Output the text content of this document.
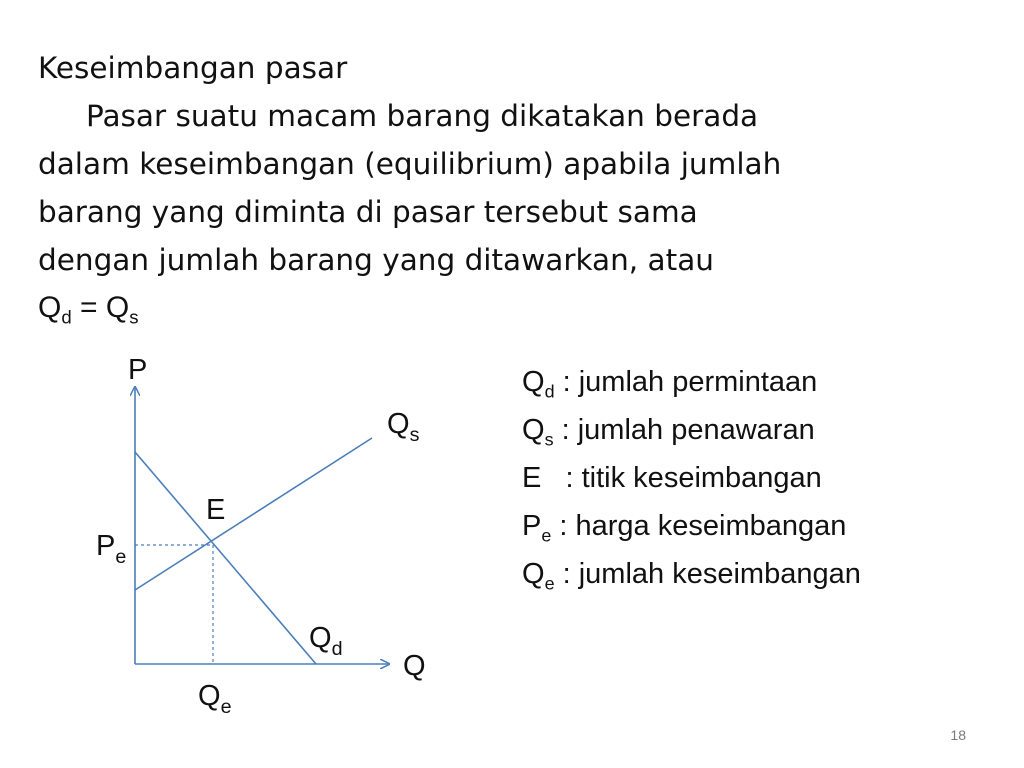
Keseimbangan pasar
Pasar suatu macam barang dikatakan berada
dalam keseimbangan (equilibrium) apabila jumlah
barang yang diminta di pasar tersebut sama
dengan jumlah barang yang ditawarkan, atau
$Q_d = Q_s$
P
Q
$Q_s$
$Q_d$
E
$P_e$
$Q_e$
$Q_d$ : jumlah permintaan
$Q_s$ : jumlah penawaran
E   : titik keseimbangan
$P_e$ : harga keseimbangan
$Q_e$ : jumlah keseimbangan
18
